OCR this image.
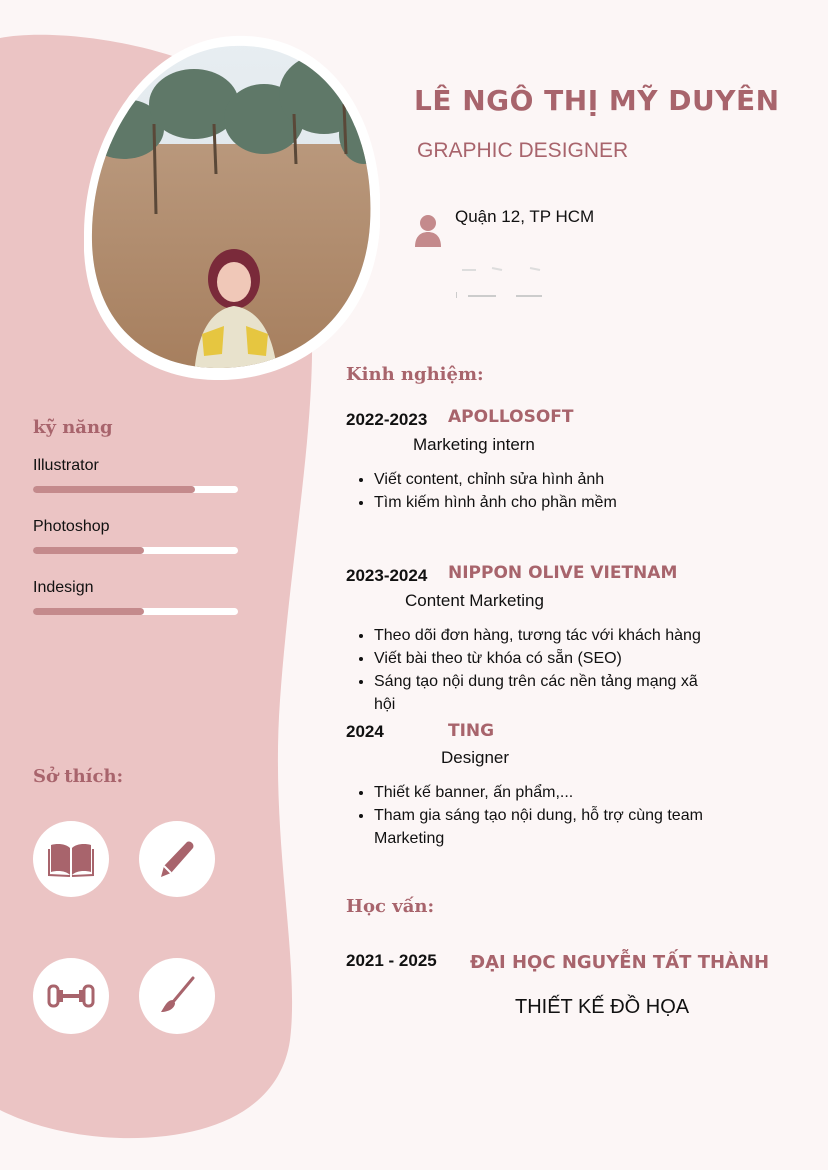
LÊ NGÔ THỊ MỸ DUYÊN
GRAPHIC DESIGNER
Quận 12, TP HCM
kỹ năng
Illustrator
Photoshop
Indesign
Sở thích:
Kinh nghiệm:
2022-2023 APOLLOSOFT
Marketing intern
• Viết content, chỉnh sửa hình ảnh
• Tìm kiếm hình ảnh cho phần mềm
2023-2024 NIPPON OLIVE VIETNAM
Content Marketing
• Theo dõi đơn hàng, tương tác với khách hàng
• Viết bài theo từ khóa có sẵn (SEO)
• Sáng tạo nội dung trên các nền tảng mạng xã hội
2024	TING
Designer
• Thiết kế banner, ấn phẩm,...
• Tham gia sáng tạo nội dung, hỗ trợ cùng team Marketing
Học vấn:
2021 - 2025 ĐẠI HỌC NGUYỄN TẤT THÀNH
THIẾT KẾ ĐỒ HỌA
